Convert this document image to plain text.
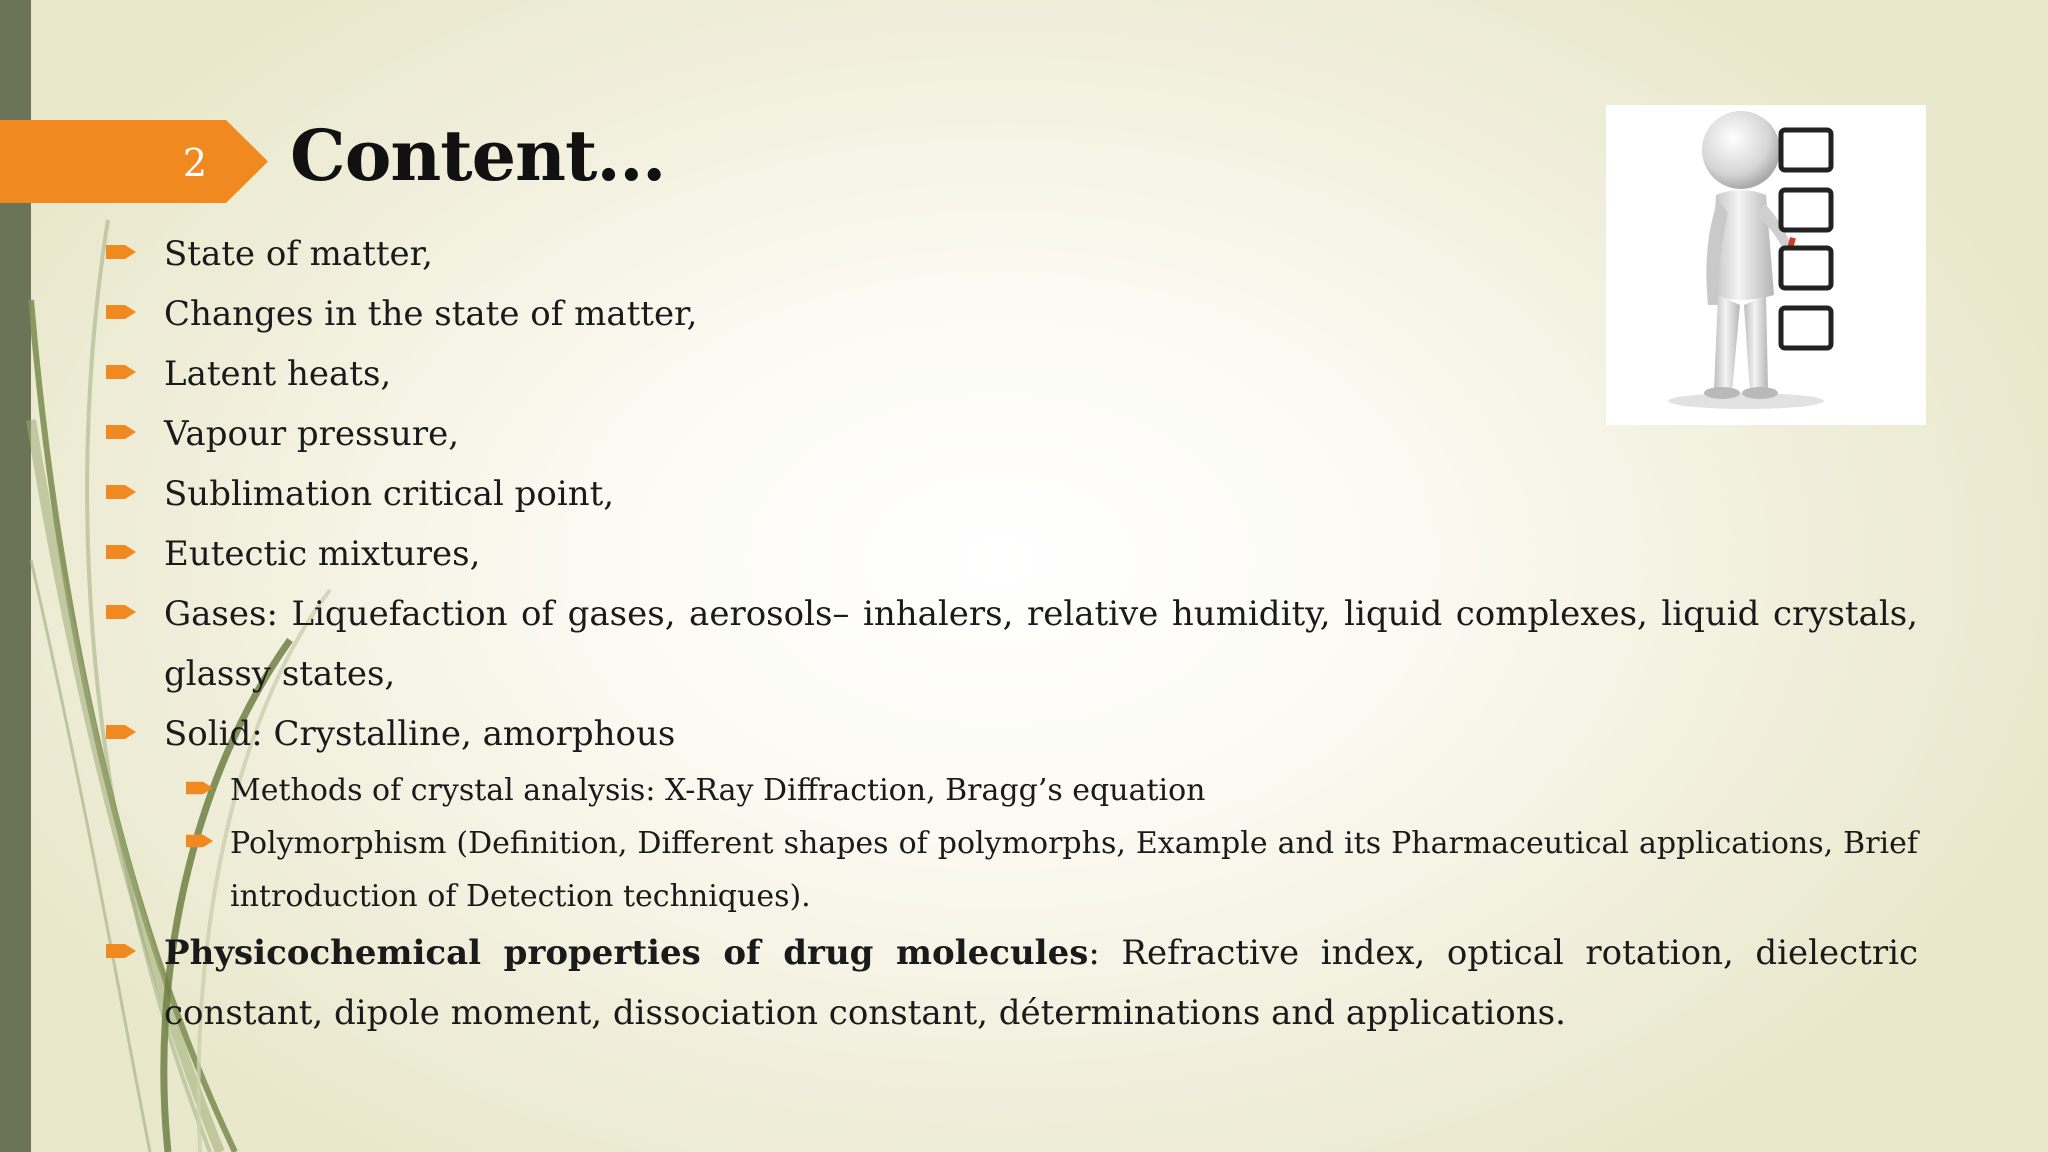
2 Content…
State of matter,
Changes in the state of matter,
Latent heats,
Vapour pressure,
Sublimation critical point,
Eutectic mixtures,
Gases: Liquefaction of gases, aerosols– inhalers, relative humidity, liquid complexes, liquid crystals, glassy states,
Solid: Crystalline, amorphous
Methods of crystal analysis: X-Ray Diffraction, Bragg’s equation
Polymorphism (Definition, Different shapes of polymorphs, Example and its Pharmaceutical applications, Brief introduction of Detection techniques).
Physicochemical properties of drug molecules: Refractive index, optical rotation, dielectric constant, dipole moment, dissociation constant, déterminations and applications.
